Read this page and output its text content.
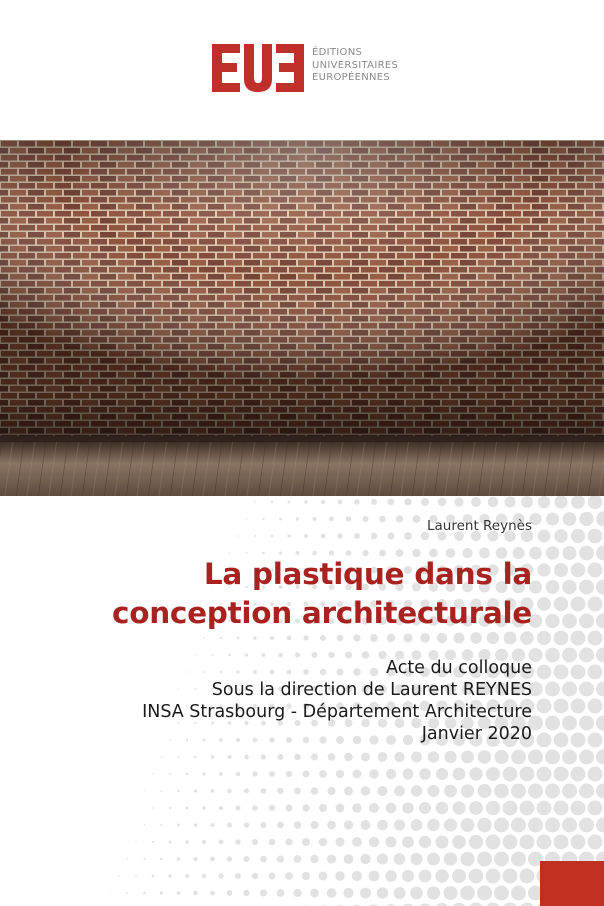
ÉDITIONS
UNIVERSITAIRES
EUROPÉENNES
Laurent Reynès
La plastique dans la
conception architecturale
Acte du colloque
Sous la direction de Laurent REYNES
INSA Strasbourg - Département Architecture
Janvier 2020
